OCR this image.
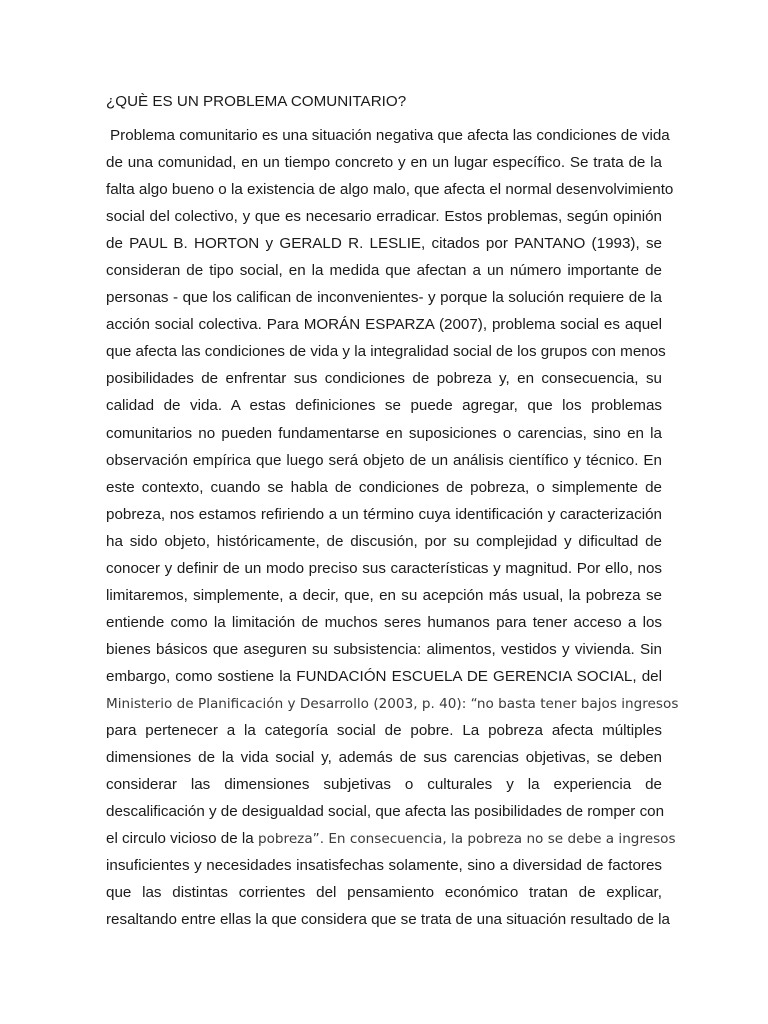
¿QUÈ ES UN PROBLEMA COMUNITARIO?
Problema comunitario es una situación negativa que afecta las condiciones de vida
de una comunidad, en un tiempo concreto y en un lugar específico. Se trata de la
falta algo bueno o la existencia de algo malo, que afecta el normal desenvolvimiento
social del colectivo, y que es necesario erradicar. Estos problemas, según opinión
de PAUL B. HORTON y GERALD R. LESLIE, citados por PANTANO (1993), se
consideran de tipo social, en la medida que afectan a un número importante de
personas - que los califican de inconvenientes- y porque la solución requiere de la
acción social colectiva. Para MORÁN ESPARZA (2007), problema social es aquel
que afecta las condiciones de vida y la integralidad social de los grupos con menos
posibilidades de enfrentar sus condiciones de pobreza y, en consecuencia, su
calidad de vida. A estas definiciones se puede agregar, que los problemas
comunitarios no pueden fundamentarse en suposiciones o carencias, sino en la
observación empírica que luego será objeto de un análisis científico y técnico. En
este contexto, cuando se habla de condiciones de pobreza, o simplemente de
pobreza, nos estamos refiriendo a un término cuya identificación y caracterización
ha sido objeto, históricamente, de discusión, por su complejidad y dificultad de
conocer y definir de un modo preciso sus características y magnitud. Por ello, nos
limitaremos, simplemente, a decir, que, en su acepción más usual, la pobreza se
entiende como la limitación de muchos seres humanos para tener acceso a los
bienes básicos que aseguren su subsistencia: alimentos, vestidos y vivienda. Sin
embargo, como sostiene la FUNDACIÓN ESCUELA DE GERENCIA SOCIAL, del
Ministerio de Planificación y Desarrollo (2003, p. 40): “no basta tener bajos ingresos
para pertenecer a la categoría social de pobre. La pobreza afecta múltiples
dimensiones de la vida social y, además de sus carencias objetivas, se deben
considerar las dimensiones subjetivas o culturales y la experiencia de
descalificación y de desigualdad social, que afecta las posibilidades de romper con
el circulo vicioso de la pobreza”. En consecuencia, la pobreza no se debe a ingresos
insuficientes y necesidades insatisfechas solamente, sino a diversidad de factores
que las distintas corrientes del pensamiento económico tratan de explicar,
resaltando entre ellas la que considera que se trata de una situación resultado de la
